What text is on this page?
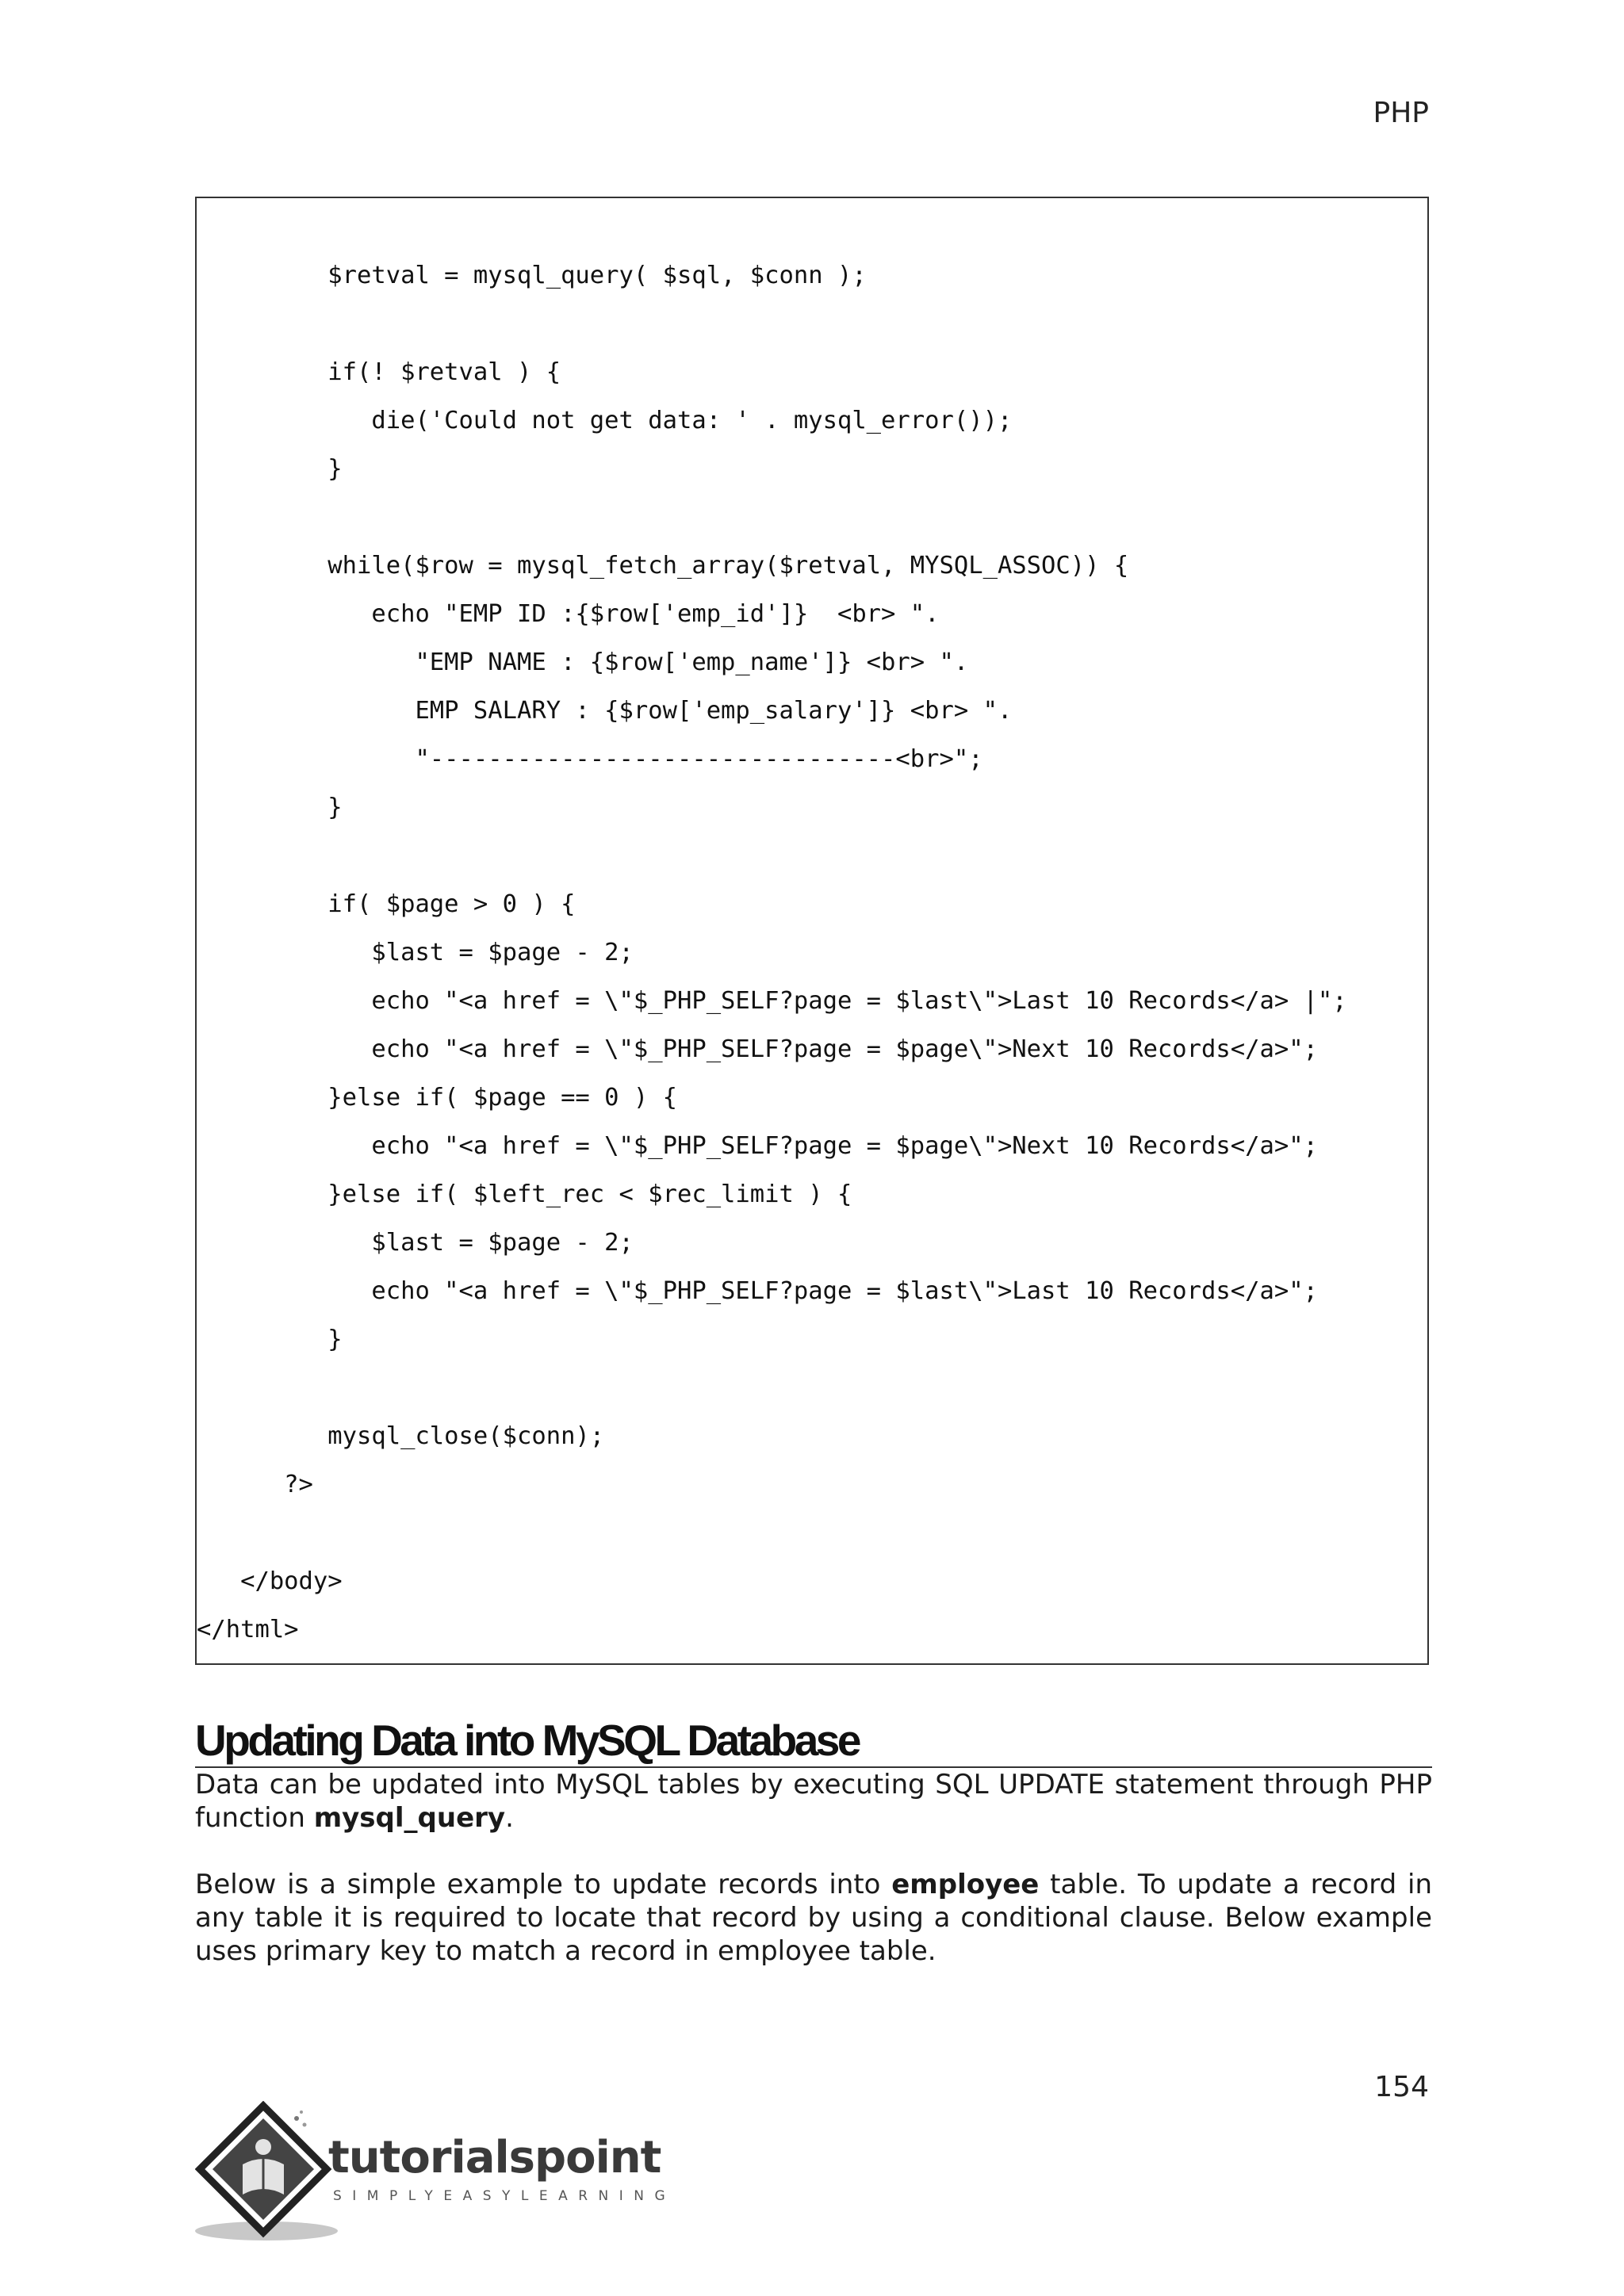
PHP
$retval = mysql_query( $sql, $conn );
if(! $retval ) {
die('Could not get data: ' . mysql_error());
}
while($row = mysql_fetch_array($retval, MYSQL_ASSOC)) {
echo "EMP ID :{$row['emp_id']}  <br> ".
"EMP NAME : {$row['emp_name']} <br> ".
EMP SALARY : {$row['emp_salary']} <br> ".
"--------------------------------<br>";
}
if( $page > 0 ) {
$last = $page - 2;
echo "<a href = \"$_PHP_SELF?page = $last\">Last 10 Records</a> |";
echo "<a href = \"$_PHP_SELF?page = $page\">Next 10 Records</a>";
}else if( $page == 0 ) {
echo "<a href = \"$_PHP_SELF?page = $page\">Next 10 Records</a>";
}else if( $left_rec < $rec_limit ) {
$last = $page - 2;
echo "<a href = \"$_PHP_SELF?page = $last\">Last 10 Records</a>";
}
mysql_close($conn);
?>
</body>
</html>
Updating Data into MySQL Database

Data can be updated into MySQL tables by executing SQL UPDATE statement through PHP function mysql_query.

Below is a simple example to update records into employee table. To update a record in any table it is required to locate that record by using a conditional clause. Below example uses primary key to match a record in employee table.

154
tutorialspoint
SIMPLYEASYLEARNING
